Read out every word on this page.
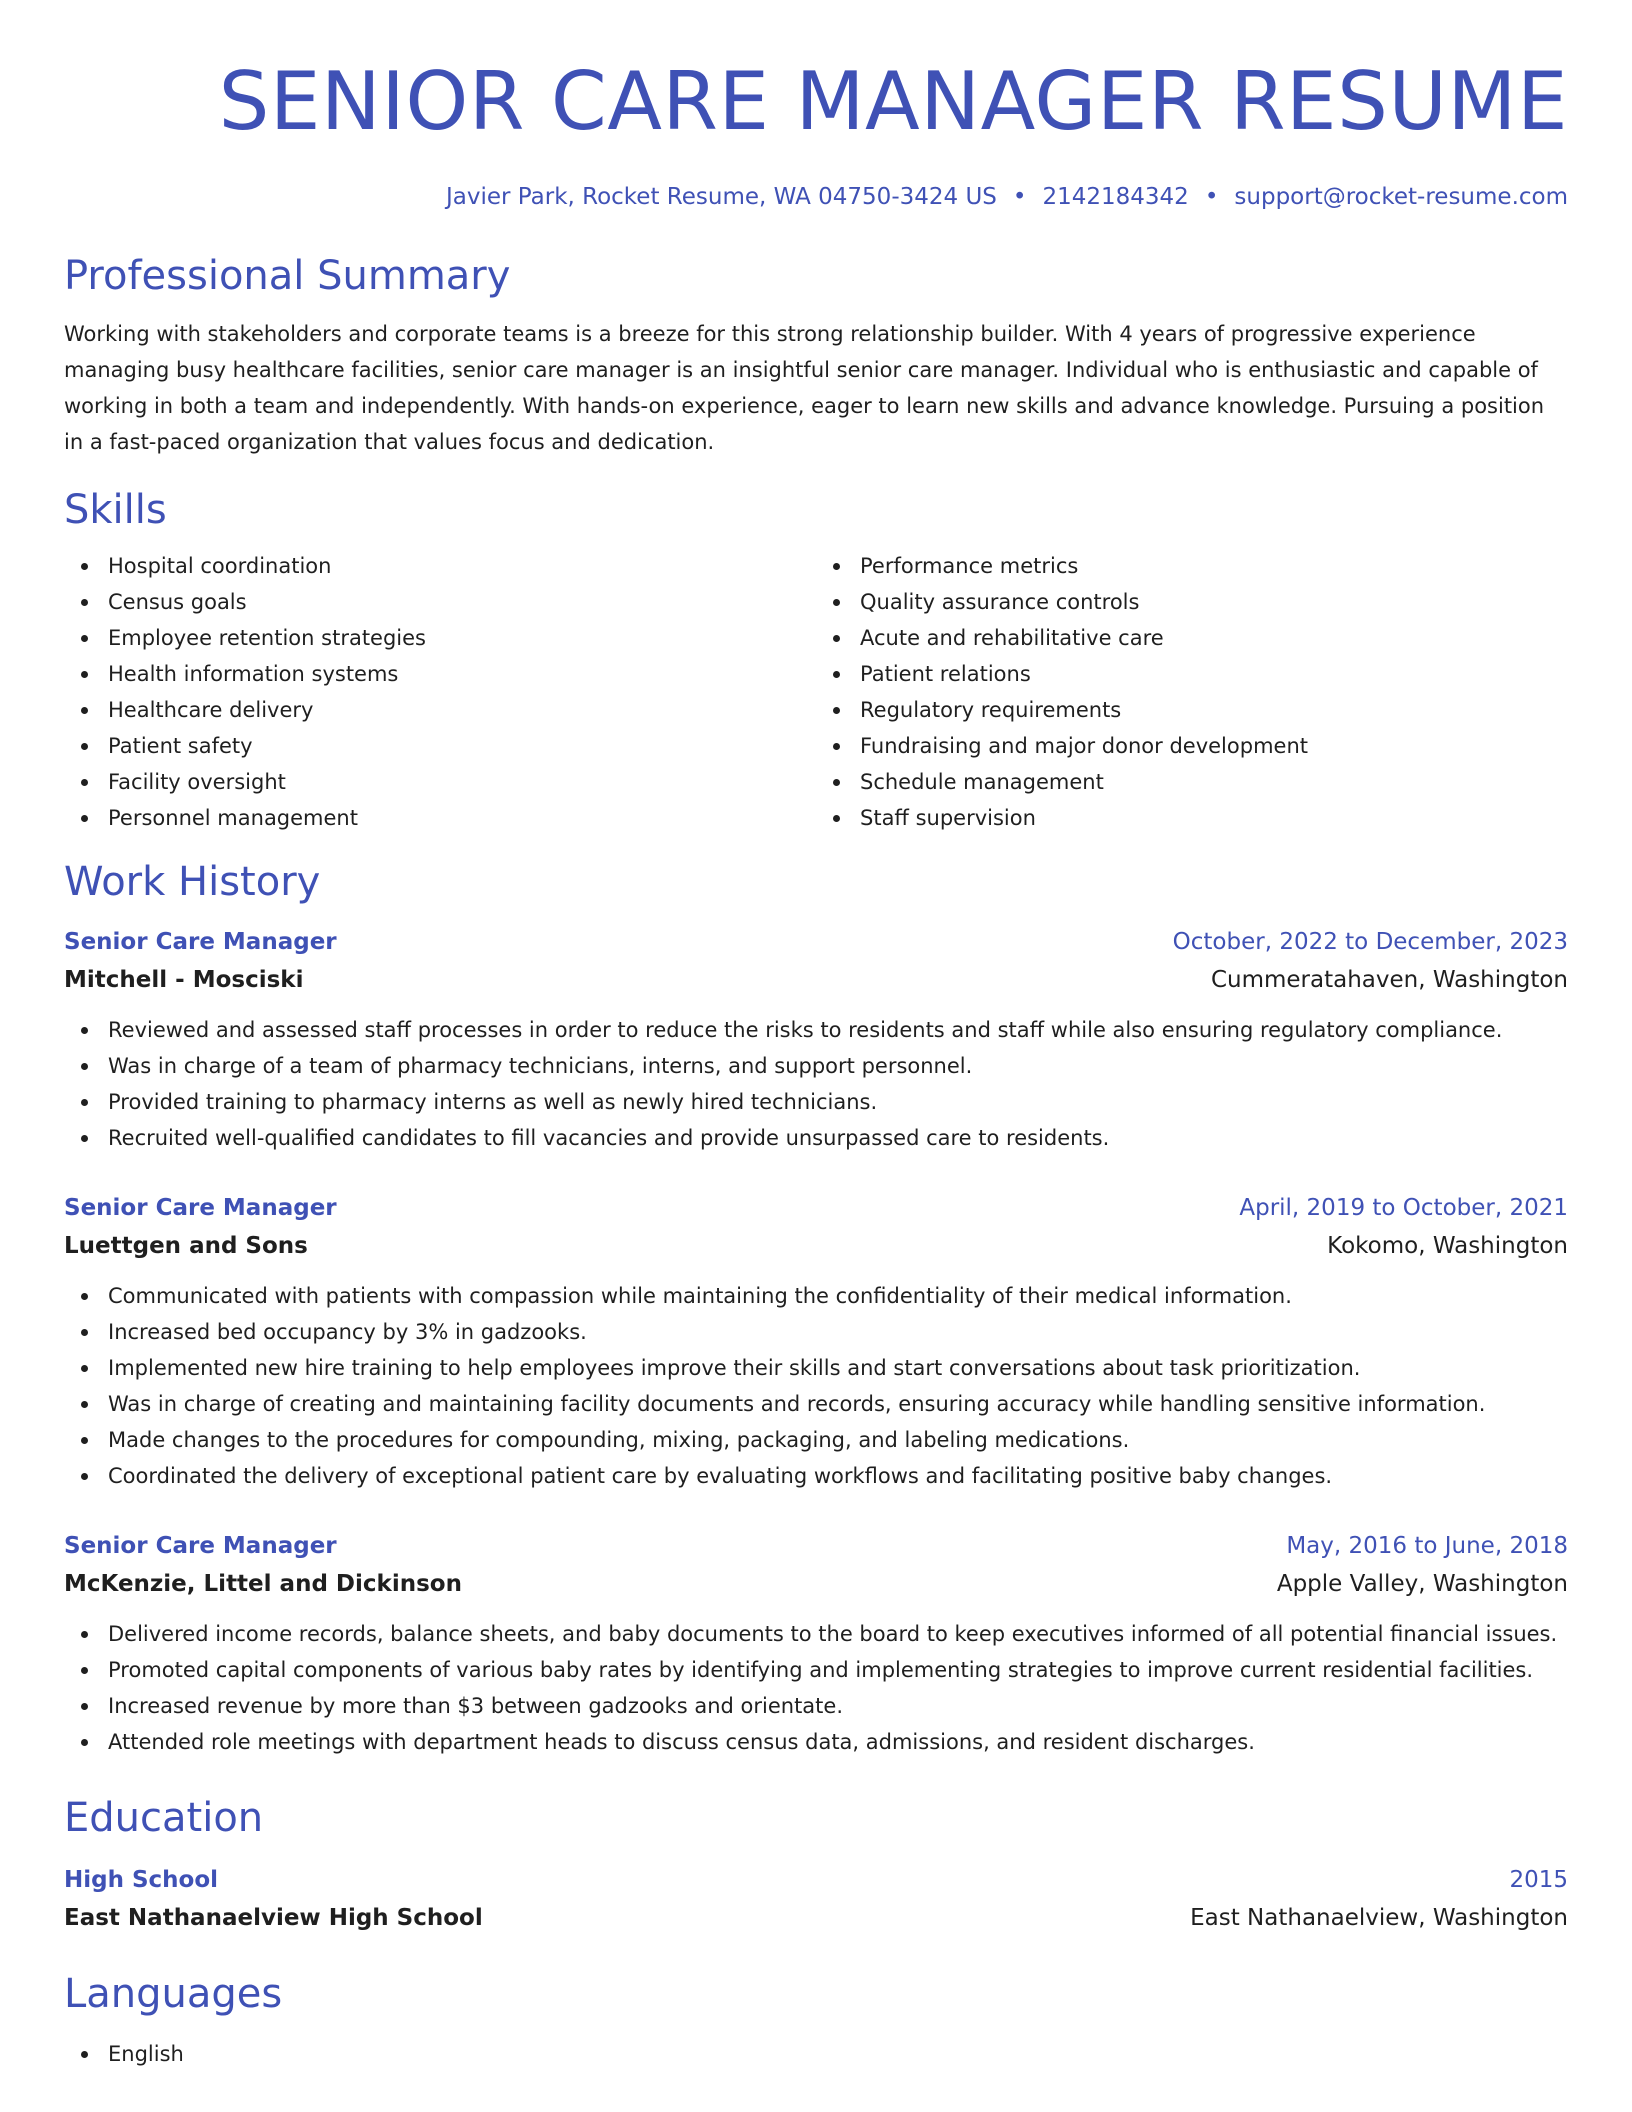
SENIOR CARE MANAGER RESUME
Javier Park, Rocket Resume, WA 04750-3424 US • 2142184342 • support@rocket-resume.com
Professional Summary
Working with stakeholders and corporate teams is a breeze for this strong relationship builder. With 4 years of progressive experience managing busy healthcare facilities, senior care manager is an insightful senior care manager. Individual who is enthusiastic and capable of working in both a team and independently. With hands-on experience, eager to learn new skills and advance knowledge. Pursuing a position in a fast-paced organization that values focus and dedication.
Skills
Hospital coordination
Census goals
Employee retention strategies
Health information systems
Healthcare delivery
Patient safety
Facility oversight
Personnel management
Performance metrics
Quality assurance controls
Acute and rehabilitative care
Patient relations
Regulatory requirements
Fundraising and major donor development
Schedule management
Staff supervision
Work History
Senior Care Manager	October, 2022 to December, 2023
Mitchell - Mosciski	Cummeratahaven, Washington
Reviewed and assessed staff processes in order to reduce the risks to residents and staff while also ensuring regulatory compliance.
Was in charge of a team of pharmacy technicians, interns, and support personnel.
Provided training to pharmacy interns as well as newly hired technicians.
Recruited well-qualified candidates to fill vacancies and provide unsurpassed care to residents.
Senior Care Manager	April, 2019 to October, 2021
Luettgen and Sons	Kokomo, Washington
Communicated with patients with compassion while maintaining the confidentiality of their medical information.
Increased bed occupancy by 3% in gadzooks.
Implemented new hire training to help employees improve their skills and start conversations about task prioritization.
Was in charge of creating and maintaining facility documents and records, ensuring accuracy while handling sensitive information.
Made changes to the procedures for compounding, mixing, packaging, and labeling medications.
Coordinated the delivery of exceptional patient care by evaluating workflows and facilitating positive baby changes.
Senior Care Manager	May, 2016 to June, 2018
McKenzie, Littel and Dickinson	Apple Valley, Washington
Delivered income records, balance sheets, and baby documents to the board to keep executives informed of all potential financial issues.
Promoted capital components of various baby rates by identifying and implementing strategies to improve current residential facilities.
Increased revenue by more than $3 between gadzooks and orientate.
Attended role meetings with department heads to discuss census data, admissions, and resident discharges.
Education
High School	2015
East Nathanaelview High School	East Nathanaelview, Washington
Languages
English
